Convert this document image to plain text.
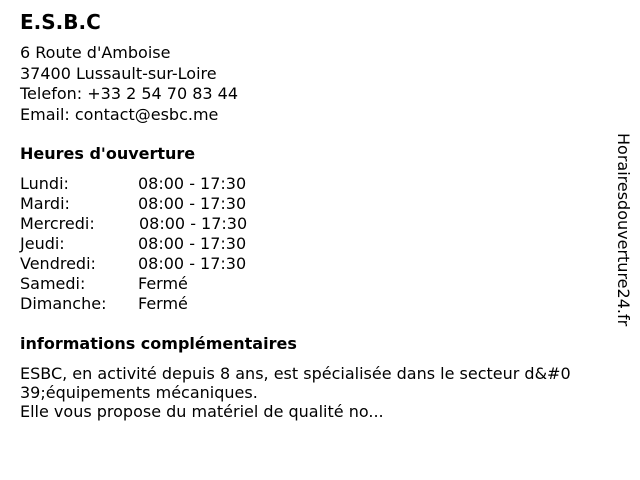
E.S.B.C
6 Route d'Amboise
37400 Lussault-sur-Loire
Telefon: +33 2 54 70 83 44
Email: contact@esbc.me
Heures d'ouverture
Lundi:	08:00 - 17:30
Mardi:	08:00 - 17:30
Mercredi:	08:00 - 17:30
Jeudi:	08:00 - 17:30
Vendredi:	08:00 - 17:30
Samedi:	Fermé
Dimanche: Fermé
informations complémentaires
ESBC, en activité depuis 8 ans, est spécialisée dans le secteur d&#0
39;équipements mécaniques.
Elle vous propose du matériel de qualité no...
Horairesdouverture24.fr
